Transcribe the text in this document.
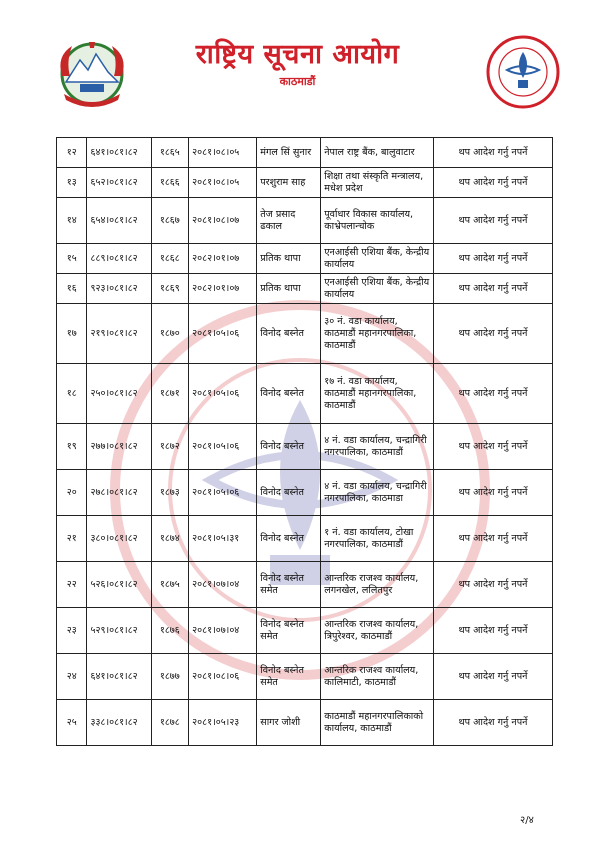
राष्ट्रिय सूचना आयोग
काठमाडौं
१२	६४१।०८१।८२	१८६५	२०८१।०८।०५	मंगल सिं सुनार	नेपाल राष्ट्र बैंक, बालुवाटार	थप आदेश गर्नु नपर्ने
१३	६५२।०८१।८२	१८६६	२०८१।०८।०५	परशुराम साह	शिक्षा तथा संस्कृति मन्त्रालय, मधेश प्रदेश	थप आदेश गर्नु नपर्ने
१४	६५४।०८१।८२	१८६७	२०८१।०८।०७	तेज प्रसाद ढकाल	पूर्वाधार विकास कार्यालय, काभ्रेपलान्चोक	थप आदेश गर्नु नपर्ने
१५	८८९।०८१।८२	१८६८	२०८२।०१।०७	प्रतिक थापा	एनआईसी एशिया बैंक, केन्द्रीय कार्यालय	थप आदेश गर्नु नपर्ने
१६	९२३।०८१।८२	१८६९	२०८२।०१।०७	प्रतिक थापा	एनआईसी एशिया बैंक, केन्द्रीय कार्यालय	थप आदेश गर्नु नपर्ने
१७	२१९।०८१।८२	१८७०	२०८१।०५।०६	विनोद बस्नेत	३० नं. वडा कार्यालय, काठमाडौं महानगरपालिका, काठमाडौं	थप आदेश गर्नु नपर्ने
१८	२५०।०८१।८२	१८७१	२०८१।०५।०६	विनोद बस्नेत	१७ नं. वडा कार्यालय, काठमाडौं महानगरपालिका, काठमाडौं	थप आदेश गर्नु नपर्ने
१९	२७७।०८१।८२	१८७२	२०८१।०५।०६	विनोद बस्नेत	४ नं. वडा कार्यालय, चन्द्रागिरी नगरपालिका, काठमाडौं	थप आदेश गर्नु नपर्ने
२०	२७८।०८१।८२	१८७३	२०८१।०५।०६	विनोद बस्नेत	४ नं. वडा कार्यालय, चन्द्रागिरी नगरपालिका, काठमाडा	थप आदेश गर्नु नपर्ने
२१	३८०।०८१।८२	१८७४	२०८१।०५।३१	विनोद बस्नेत	१ नं. वडा कार्यालय, टोखा नगरपालिका, काठमाडौं	थप आदेश गर्नु नपर्ने
२२	५२६।०८१।८२	१८७५	२०८१।०७।०४	विनोद बस्नेत समेत	आन्तरिक राजश्व कार्यालय, लगनखेल, ललितपुर	थप आदेश गर्नु नपर्ने
२३	५२९।०८१।८२	१८७६	२०८१।०७।०४	विनोद बस्नेत समेत	आन्तरिक राजश्व कार्यालय, त्रिपुरेश्वर, काठमाडौं	थप आदेश गर्नु नपर्ने
२४	६४१।०८१।८२	१८७७	२०८१।०८।०६	विनोद बस्नेत समेत	आन्तरिक राजश्व कार्यालय, कालिमाटी, काठमाडौं	थप आदेश गर्नु नपर्ने
२५	३३८।०८१।८२	१८७८	२०८१।०५।२३	सागर जोशी	काठमाडौं महानगरपालिकाको कार्यालय, काठमाडौं	थप आदेश गर्नु नपर्ने
२/४
